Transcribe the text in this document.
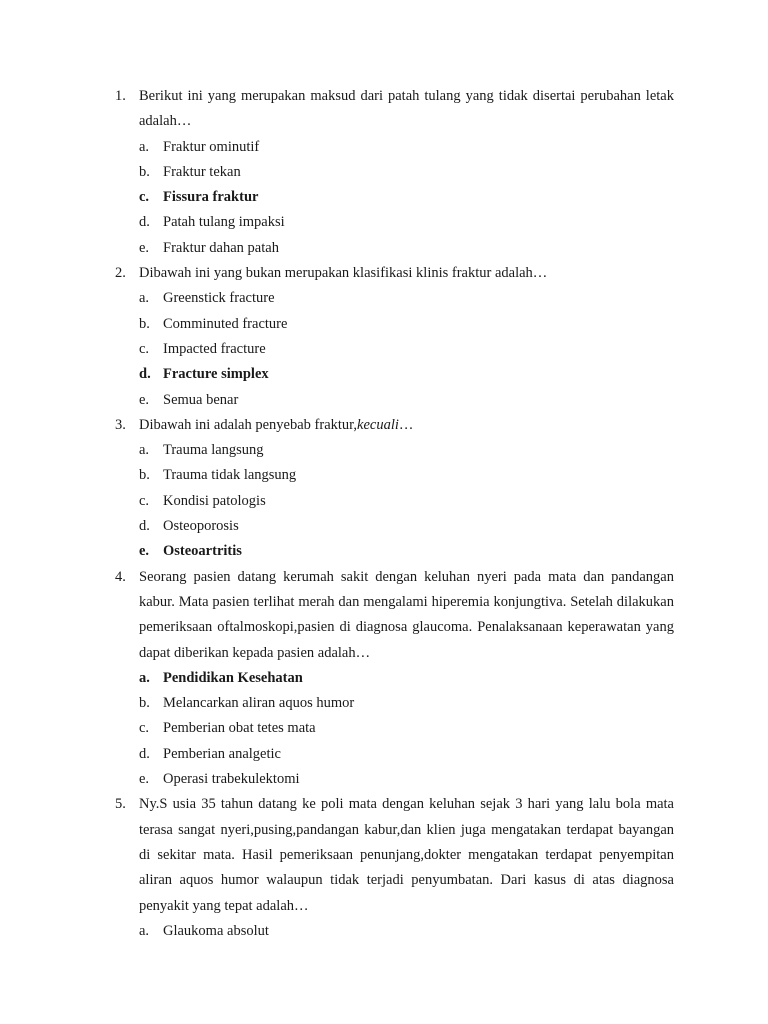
1. Berikut ini yang merupakan maksud dari patah tulang yang tidak disertai perubahan letak adalah…
a. Fraktur ominutif
b. Fraktur tekan
c. Fissura fraktur
d. Patah tulang impaksi
e. Fraktur dahan patah
2. Dibawah ini yang bukan merupakan klasifikasi klinis fraktur adalah…
a. Greenstick fracture
b. Comminuted fracture
c. Impacted fracture
d. Fracture simplex
e. Semua benar
3. Dibawah ini adalah penyebab fraktur,kecuali…
a. Trauma langsung
b. Trauma tidak langsung
c. Kondisi patologis
d. Osteoporosis
e. Osteoartritis
4. Seorang pasien datang kerumah sakit dengan keluhan nyeri pada mata dan pandangan kabur. Mata pasien terlihat merah dan mengalami hiperemia konjungtiva. Setelah dilakukan pemeriksaan oftalmoskopi,pasien di diagnosa glaucoma. Penalaksanaan keperawatan yang dapat diberikan kepada pasien adalah…
a. Pendidikan Kesehatan
b. Melancarkan aliran aquos humor
c. Pemberian obat tetes mata
d. Pemberian analgetic
e. Operasi trabekulektomi
5. Ny.S usia 35 tahun datang ke poli mata dengan keluhan sejak 3 hari yang lalu bola mata terasa sangat nyeri,pusing,pandangan kabur,dan klien juga mengatakan terdapat bayangan di sekitar mata. Hasil pemeriksaan penunjang,dokter mengatakan terdapat penyempitan aliran aquos humor walaupun tidak terjadi penyumbatan. Dari kasus di atas diagnosa penyakit yang tepat adalah…
a. Glaukoma absolut
